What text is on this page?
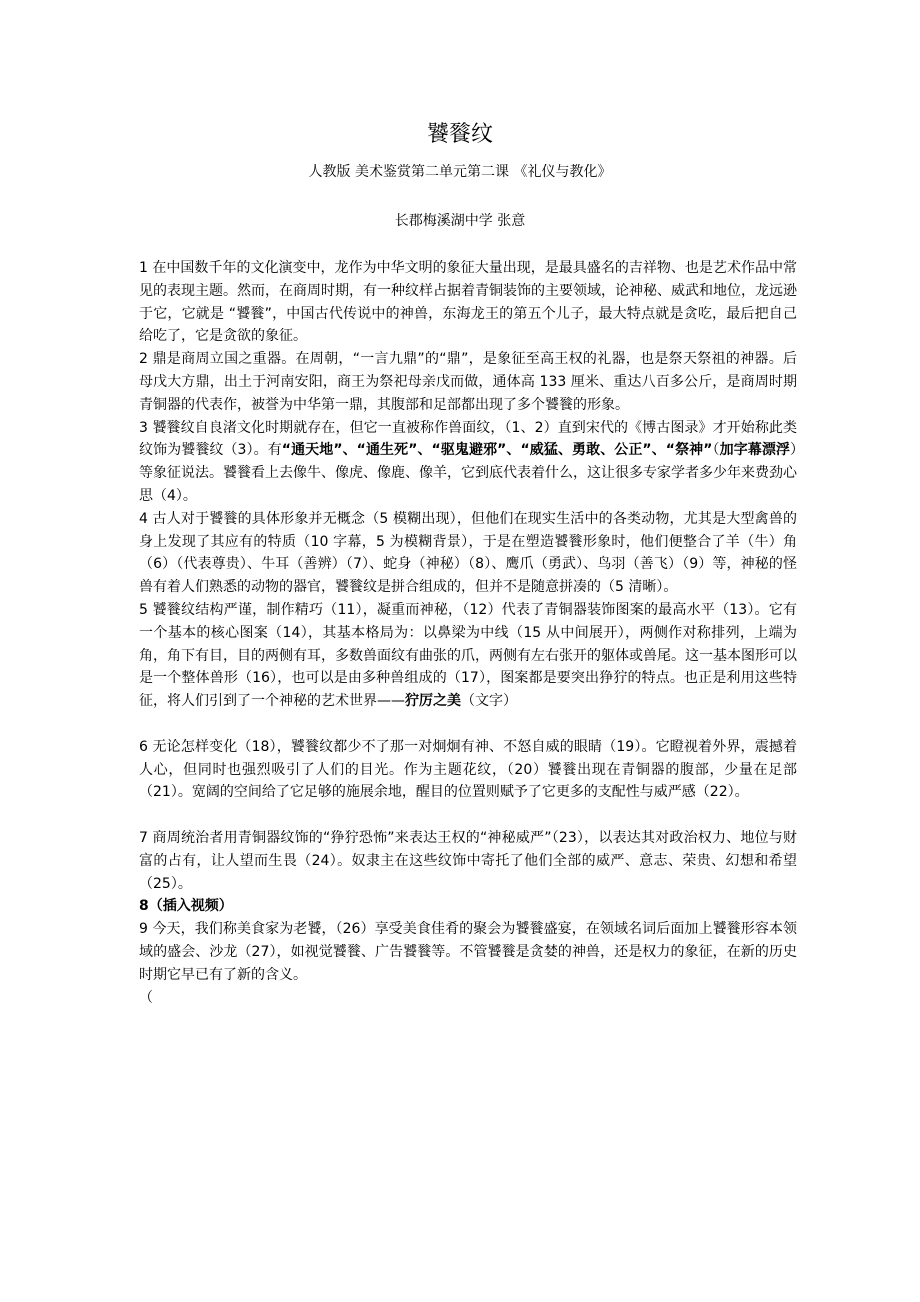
饕餮纹
人教版 美术鉴赏第二单元第二课 《礼仪与教化》
长郡梅溪湖中学 张意

1 在中国数千年的文化演变中，龙作为中华文明的象征大量出现，是最具盛名的吉祥物、也是艺术作品中常见的表现主题。然而，在商周时期，有一种纹样占据着青铜装饰的主要领域，论神秘、威武和地位，龙远逊于它，它就是 “饕餮”，中国古代传说中的神兽，东海龙王的第五个儿子，最大特点就是贪吃，最后把自己给吃了，它是贪欲的象征。

2 鼎是商周立国之重器。在周朝，“一言九鼎”的“鼎”，是象征至高王权的礼器，也是祭天祭祖的神器。后母戊大方鼎，出土于河南安阳，商王为祭祀母亲戊而做，通体高 133 厘米、重达八百多公斤，是商周时期青铜器的代表作，被誉为中华第一鼎，其腹部和足部都出现了多个饕餮的形象。

3 饕餮纹自良渚文化时期就存在，但它一直被称作兽面纹，（1、2）直到宋代的《博古图录》才开始称此类纹饰为饕餮纹（3）。有“通天地”、“通生死”、“驱鬼避邪”、“威猛、勇敢、公正”、“祭神”（加字幕漂浮）等象征说法。饕餮看上去像牛、像虎、像鹿、像羊，它到底代表着什么，这让很多专家学者多少年来费劲心思（4）。

4 古人对于饕餮的具体形象并无概念（5 模糊出现），但他们在现实生活中的各类动物，尤其是大型禽兽的身上发现了其应有的特质（10 字幕，5 为模糊背景），于是在塑造饕餮形象时，他们便整合了羊（牛）角（6）（代表尊贵）、牛耳（善辨）（7）、蛇身（神秘）（8）、鹰爪（勇武）、鸟羽（善飞）（9）等，神秘的怪兽有着人们熟悉的动物的器官，饕餮纹是拼合组成的，但并不是随意拼凑的（5 清晰）。

5 饕餮纹结构严谨，制作精巧（11），凝重而神秘，（12）代表了青铜器装饰图案的最高水平（13）。它有一个基本的核心图案（14），其基本格局为：以鼻梁为中线（15 从中间展开），两侧作对称排列，上端为角，角下有目，目的两侧有耳，多数兽面纹有曲张的爪，两侧有左右张开的躯体或兽尾。这一基本图形可以是一个整体兽形（16），也可以是由多种兽组成的（17），图案都是要突出狰狞的特点。也正是利用这些特征，将人们引到了一个神秘的艺术世界——狞厉之美（文字）

6 无论怎样变化（18），饕餮纹都少不了那一对炯炯有神、不怒自威的眼睛（19）。它瞪视着外界，震撼着人心，但同时也强烈吸引了人们的目光。作为主题花纹，（20）饕餮出现在青铜器的腹部，少量在足部（21）。宽阔的空间给了它足够的施展余地，醒目的位置则赋予了它更多的支配性与威严感（22）。

7 商周统治者用青铜器纹饰的“狰狞恐怖”来表达王权的“神秘威严”（23），以表达其对政治权力、地位与财富的占有，让人望而生畏（24）。奴隶主在这些纹饰中寄托了他们全部的威严、意志、荣贵、幻想和希望（25）。

8（插入视频）

9 今天，我们称美食家为老饕，（26）享受美食佳肴的聚会为饕餮盛宴，在领域名词后面加上饕餮形容本领域的盛会、沙龙（27），如视觉饕餮、广告饕餮等。不管饕餮是贪婪的神兽，还是权力的象征，在新的历史时期它早已有了新的含义。

（
